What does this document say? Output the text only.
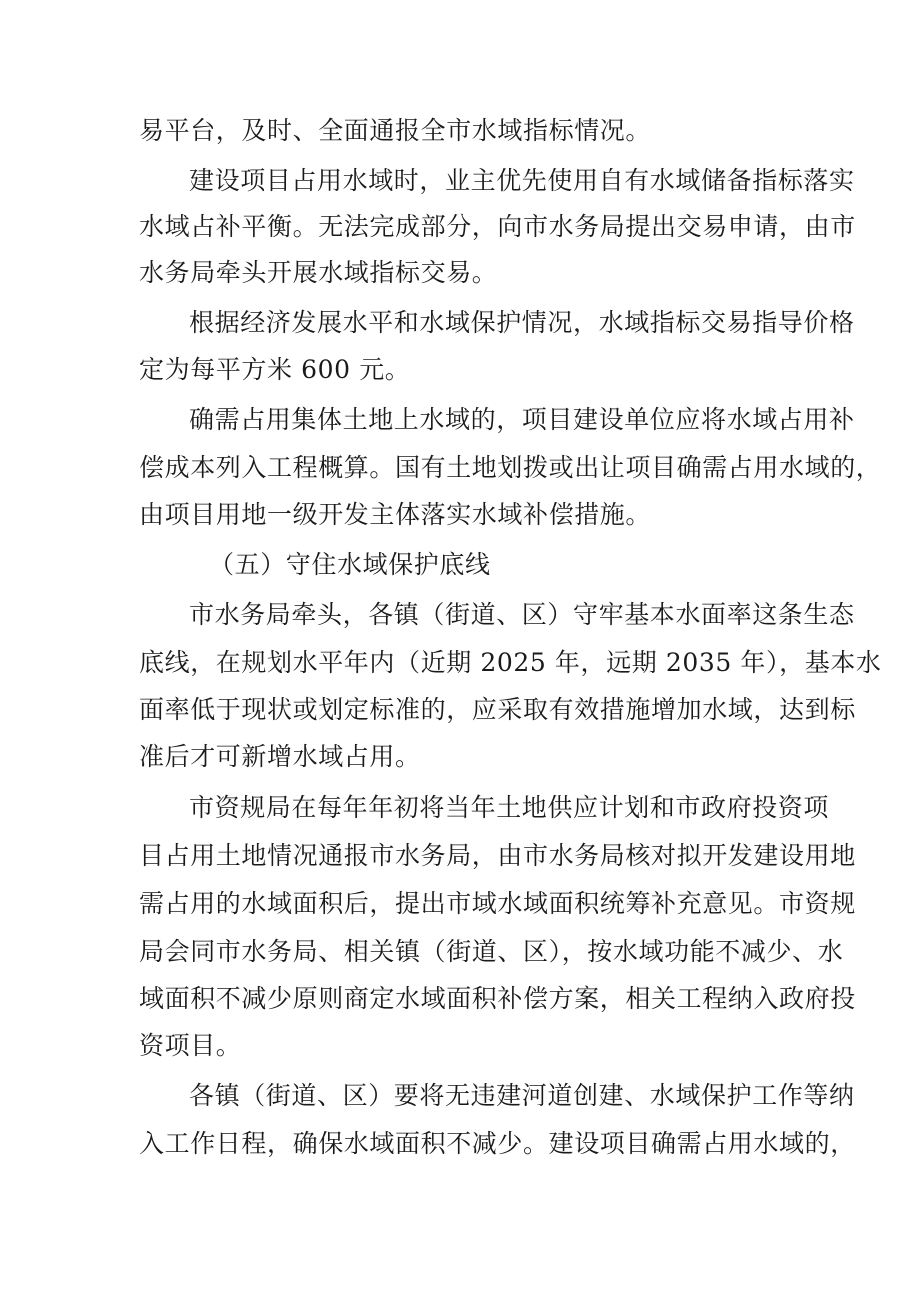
易平台，及时、全面通报全市水域指标情况。
建设项目占用水域时，业主优先使用自有水域储备指标落实
水域占补平衡。无法完成部分，向市水务局提出交易申请，由市
水务局牵头开展水域指标交易。
根据经济发展水平和水域保护情况，水域指标交易指导价格
定为每平方米 600 元。
确需占用集体土地上水域的，项目建设单位应将水域占用补
偿成本列入工程概算。国有土地划拨或出让项目确需占用水域的，
由项目用地一级开发主体落实水域补偿措施。
（五）守住水域保护底线
市水务局牵头，各镇（街道、区）守牢基本水面率这条生态
底线，在规划水平年内（近期 2025 年，远期 2035 年），基本水
面率低于现状或划定标准的，应采取有效措施增加水域，达到标
准后才可新增水域占用。
市资规局在每年年初将当年土地供应计划和市政府投资项
目占用土地情况通报市水务局，由市水务局核对拟开发建设用地
需占用的水域面积后，提出市域水域面积统筹补充意见。市资规
局会同市水务局、相关镇（街道、区），按水域功能不减少、水
域面积不减少原则商定水域面积补偿方案，相关工程纳入政府投
资项目。
各镇（街道、区）要将无违建河道创建、水域保护工作等纳
入工作日程，确保水域面积不减少。建设项目确需占用水域的，
